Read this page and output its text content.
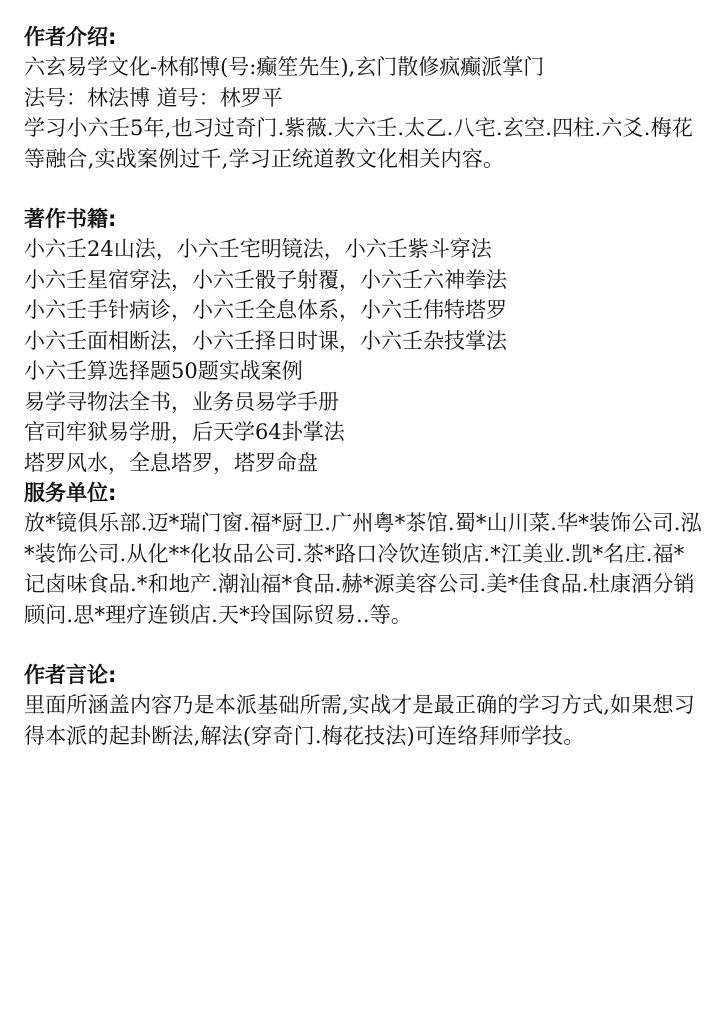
作者介绍:

六玄易学文化-林郁博(号:癫笙先生),玄门散修疯癫派掌门

法号：林法博 道号：林罗平

学习小六壬5年,也习过奇门.紫薇.大六壬.太乙.八宅.玄空.四柱.六爻.梅花等融合,实战案例过千,学习正统道教文化相关内容。

著作书籍:

小六壬24山法，小六壬宅明镜法，小六壬紫斗穿法

小六壬星宿穿法，小六壬骰子射覆，小六壬六神拳法

小六壬手针病诊，小六壬全息体系，小六壬伟特塔罗

小六壬面相断法，小六壬择日时课，小六壬杂技掌法

小六壬算选择题50题实战案例

易学寻物法全书，业务员易学手册

官司牢狱易学册，后天学64卦掌法

塔罗风水，全息塔罗，塔罗命盘

服务单位:

放*镜俱乐部.迈*瑞门窗.福*厨卫.广州粤*茶馆.蜀*山川菜.华*装饰公司.泓*装饰公司.从化**化妆品公司.茶*路口冷饮连锁店.*江美业.凯*名庄.福*记卤味食品.*和地产.潮汕福*食品.赫*源美容公司.美*佳食品.杜康酒分销顾问.思*理疗连锁店.天*玲国际贸易..等。

作者言论:

里面所涵盖内容乃是本派基础所需,实战才是最正确的学习方式,如果想习得本派的起卦断法,解法(穿奇门.梅花技法)可连络拜师学技。
